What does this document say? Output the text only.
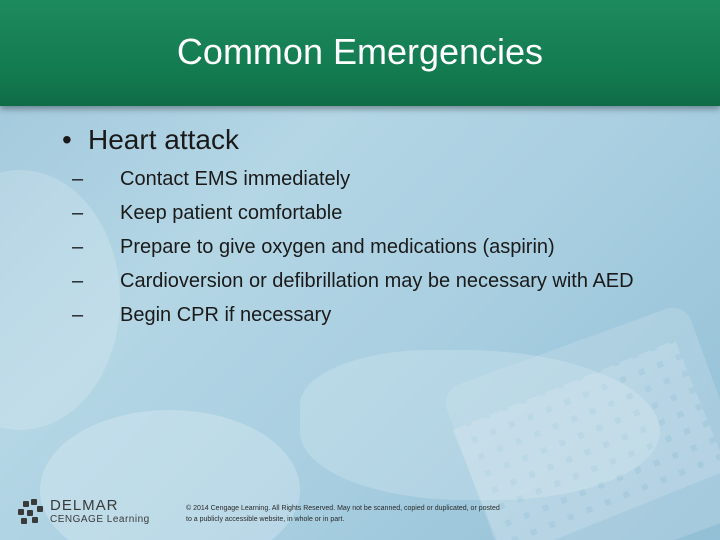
Common Emergencies
• Heart attack
–	Contact EMS immediately
–	Keep patient comfortable
–	Prepare to give oxygen and medications (aspirin)
–	Cardioversion or defibrillation may be necessary with AED
–	Begin CPR if necessary
DELMAR
CENGAGE Learning
© 2014 Cengage Learning. All Rights Reserved. May not be scanned, copied or duplicated, or posted to a publicly accessible website, in whole or in part.
